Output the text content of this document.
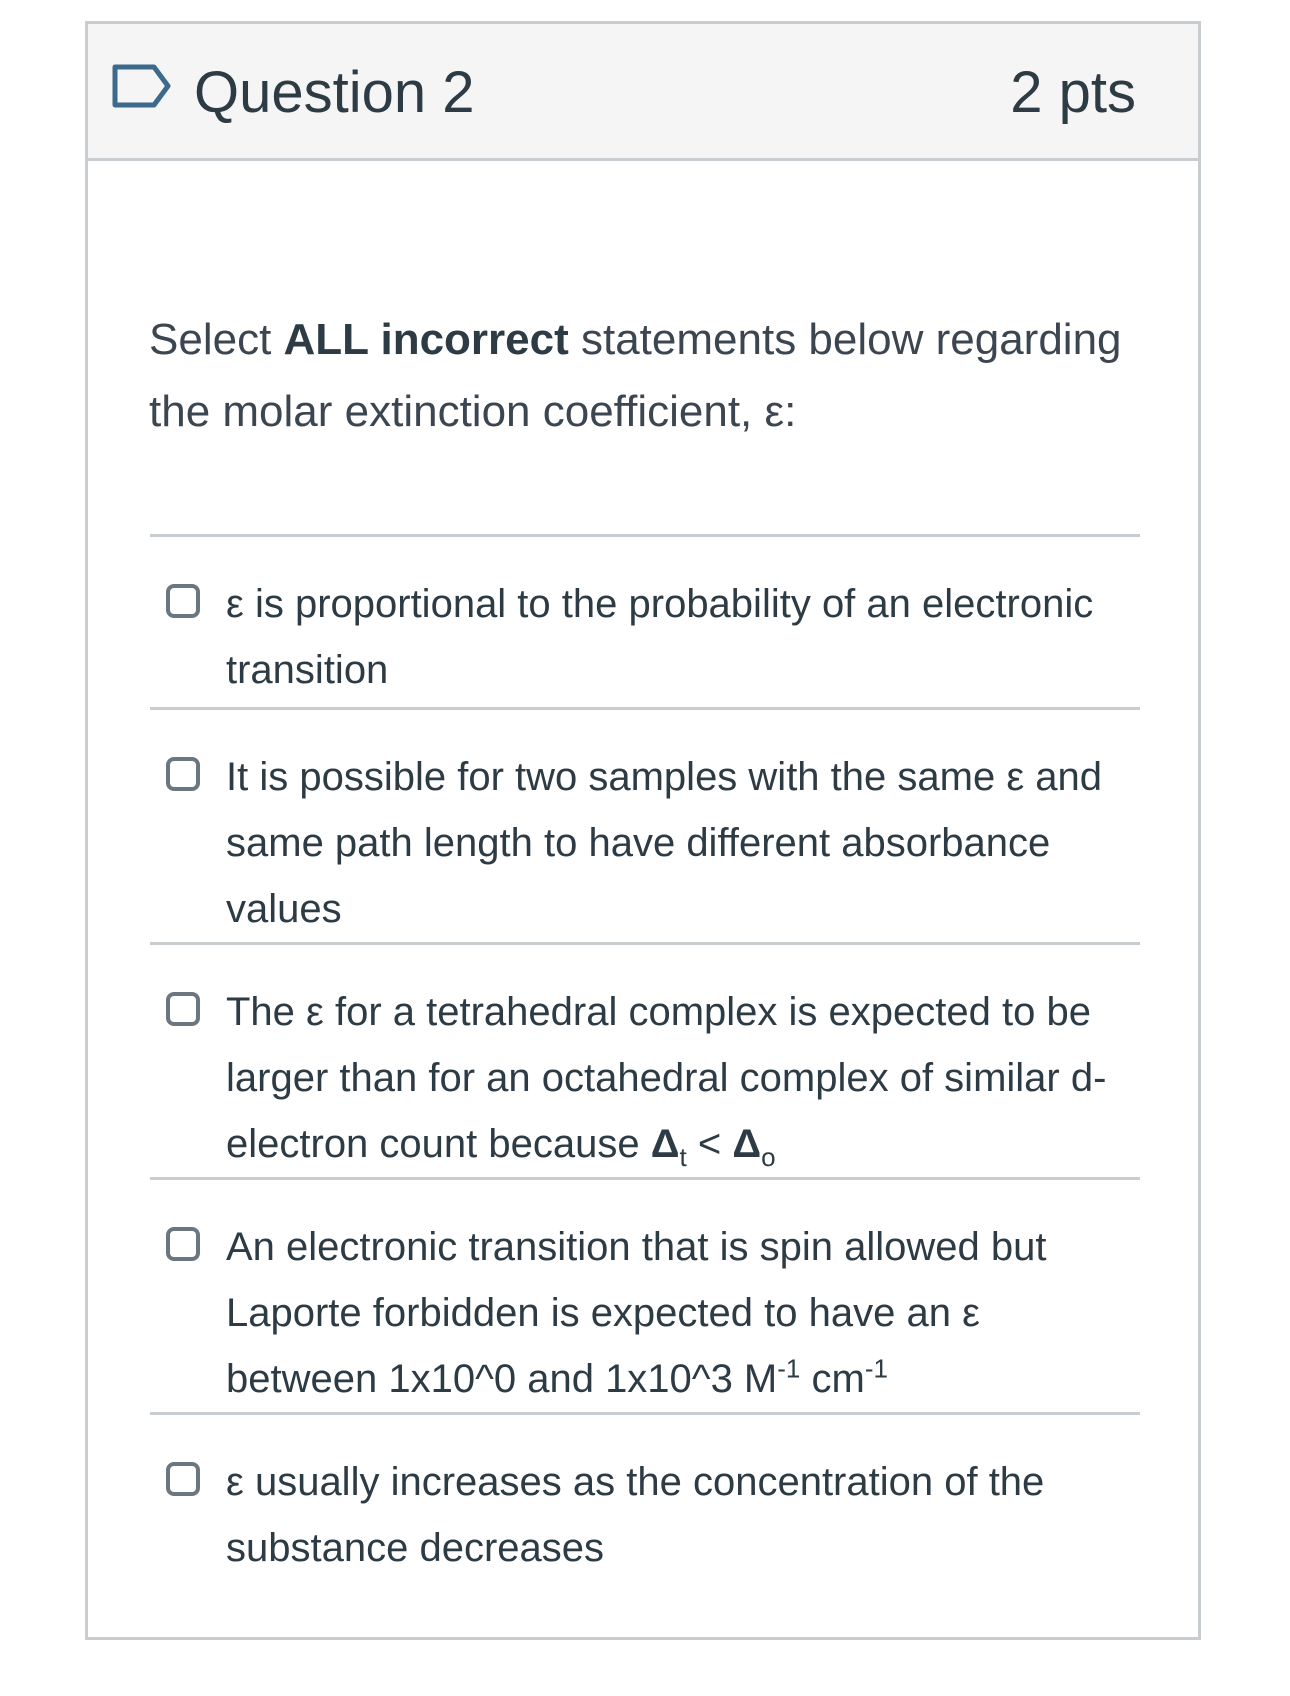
Question 2	2 pts
Select ALL incorrect statements below regarding the molar extinction coefficient, ε:
ε is proportional to the probability of an electronic transition
It is possible for two samples with the same ε and same path length to have different absorbance values
The ε for a tetrahedral complex is expected to be larger than for an octahedral complex of similar d-electron count because $\Delta_t < \Delta_o$
An electronic transition that is spin allowed but Laporte forbidden is expected to have an ε between 1x10^0 and 1x10^3 $M^{-1}$ $cm^{-1}$
ε usually increases as the concentration of the substance decreases
